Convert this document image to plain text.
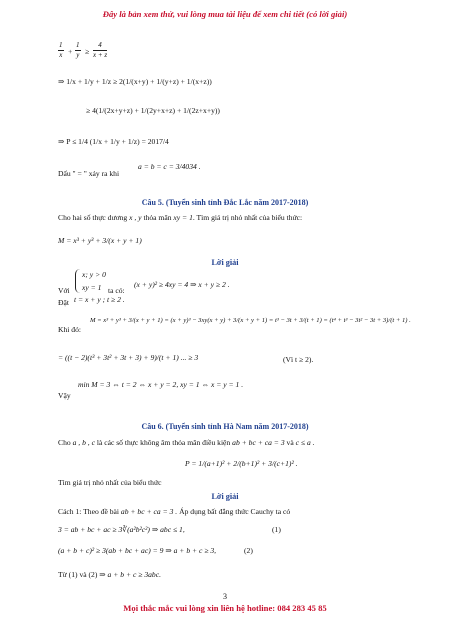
Đây là bản xem thử, vui lòng mua tài liệu để xem chi tiết (có lời giải)
$\frac{1}{x} + \frac{1}{y} \ge \frac{4}{x + z}$
⇒ 1/x + 1/y + 1/z ≥ 2(1/(x+y) + 1/(y+z) + 1/(x+z))
≥ 4(1/(2x+y+z) + 1/(2y+x+z) + 1/(2z+x+y))
⇒ P ≤ 1/4 (1/x + 1/y + 1/z) = 2017/4
Dấu " = " xảy ra khi
a = b = c = 3/4034 .
Câu 5. (Tuyển sinh tỉnh Đắc Lắc năm 2017-2018)
Cho hai số thực dương x , y thỏa mãn xy = 1. Tìm giá trị nhỏ nhất của biểu thức:
M = x³ + y³ + 3/(x + y + 1)
Lời giải
x; y > 0
xy = 1
Với	ta có:
(x + y)² ≥ 4xy = 4 ⇒ x + y ≥ 2 .
Đặt t = x + y ; t ≥ 2 .
Khi đó:
M = x³ + y³ + 3/(x + y + 1) = (x + y)³ − 3xy(x + y) + 3/(x + y + 1) = t³ − 3t + 3/(t + 1) = (t⁴ + t³ − 3t² − 3t + 3)/(t + 1) .
= ((t − 2)(t³ + 3t² + 3t + 3) + 9)/(t + 1) ... ≥ 3	(Vì t ≥ 2).
Vậy
min M = 3 ⇔ t = 2 ⇔ x + y = 2, xy = 1 ⇔ x = y = 1 .
Câu 6. (Tuyển sinh tỉnh Hà Nam năm 2017-2018)
Cho a , b , c là các số thực không âm thỏa mãn điều kiện ab + bc + ca = 3 và c ≤ a .
P = 1/(a+1)² + 2/(b+1)² + 3/(c+1)² .
Tìm giá trị nhỏ nhất của biểu thức
Lời giải
Cách 1: Theo đề bài ab + bc + ca = 3 . Áp dụng bất đẳng thức Cauchy ta có
3 = ab + bc + ac ≥ 3∛(a²b²c²) ⇒ abc ≤ 1,	(1)
(a + b + c)² ≥ 3(ab + bc + ac) = 9 ⇒ a + b + c ≥ 3,	(2)
Từ (1) và (2) ⇒ a + b + c ≥ 3abc.
3
Mọi thắc mắc vui lòng xin liên hệ hotline: 084 283 45 85
